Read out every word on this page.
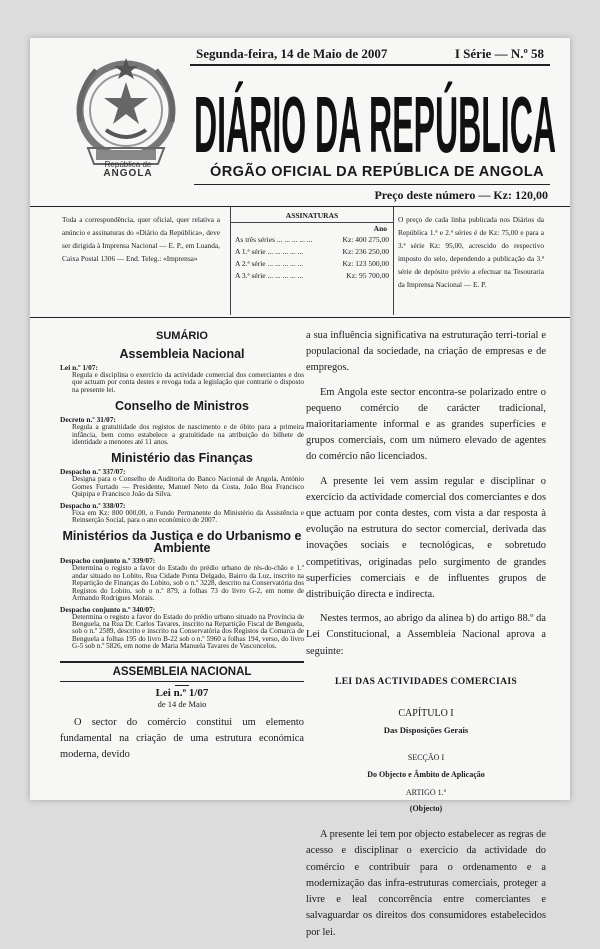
República de
ANGOLA
Segunda-feira, 14 de Maio de 2007	I Série — N.º 58
DIÁRIO DA REPÚBLICA
ÓRGÃO OFICIAL DA REPÚBLICA DE ANGOLA
Preço deste número — Kz: 120,00
Toda a correspondência, quer oficial, quer relativa a anúncio e assinaturas do «Diário da República», deve ser dirigida à Imprensa Nacional — E. P., em Luanda, Caixa Postal 1306 — End. Teleg.: «Imprensa»
ASSINATURAS
Ano
As três séries ... ... ... ... ...	Kz: 400 275,00
A 1.ª série ... ... ... ... ...	Kz: 236 250,00
A 2.ª série ... ... ... ... ...	Kz: 123 500,00
A 3.ª série ... ... ... ... ...	Kz: 95 700,00
O preço de cada linha publicada nos Diários da República 1.ª e 2.ª séries é de Kz: 75,00 e para a 3.ª série Kz: 95,00, acrescido do respectivo imposto do selo, dependendo a publicação da 3.ª série de depósito prévio a efectuar na Tesouraria da Imprensa Nacional — E. P.
SUMÁRIO
Assembleia Nacional
Lei n.º 1/07:
Regula e disciplina o exercício da actividade comercial dos comerciantes e dos que actuam por conta destes e revoga toda a legislação que contrarie o disposto na presente lei.
Conselho de Ministros
Decreto n.º 31/07:
Regula a gratuitidade dos registos de nascimento e de óbito para a primeira infância, bem como estabelece a gratuitidade na atribuição do bilhete de identidade a menores até 11 anos.
Ministério das Finanças
Despacho n.º 337/07:
Designa para o Conselho de Auditoria do Banco Nacional de Angola, António Gomes Furtado — Presidente, Manuel Neto da Costa, João Boa Francisco Quipipa e Francisco João da Silva.
Despacho n.º 338/07:
Fixa em Kz: 800 000,00, o Fundo Permanente do Ministério da Assistência e Reinserção Social, para o ano económico de 2007.
Ministérios da Justiça e do Urbanismo e Ambiente
Despacho conjunto n.º 339/07:
Determina o registo a favor do Estado do prédio urbano de rés-do-chão e 1.º andar situado no Lobito, Rua Cidade Ponta Delgado, Bairro da Luz, inscrito na Repartição de Finanças do Lobito, sob o n.º 3228, descrito na Conservatória dos Registos do Lobito, sob o n.º 879, a folhas 73 do livro G-2, em nome de Armando Rodrigues Morais.
Despacho conjunto n.º 340/07:
Determina o registo a favor do Estado do prédio urbano situado na Província de Benguela, na Rua Dr. Carlos Tavares, inscrito na Repartição Fiscal de Benguela, sob o n.º 2589, descrito e inscrito na Conservatória dos Registos da Comarca de Benguela a folhas 195 do livro B-22 sob o n.º 5960 a folhas 194, verso, do livro G-5 sob n.º 5826, em nome de Maria Manuela Tavares de Vasconcelos.
ASSEMBLEIA NACIONAL
Lei n.º 1/07
de 14 de Maio

O sector do comércio constitui um elemento fundamental na criação de uma estrutura económica moderna, devido

a sua influência significativa na estruturação terri-torial e populacional da sociedade, na criação de empresas e de empregos.

Em Angola este sector encontra-se polarizado entre o pequeno comércio de carácter tradicional, maioritariamente informal e as grandes superfícies e grupos comerciais, com um número elevado de agentes do comércio não licenciados.

A presente lei vem assim regular e disciplinar o exercício da actividade comercial dos comerciantes e dos que actuam por conta destes, com vista a dar resposta à evolução na estrutura do sector comercial, derivada das inovações sociais e tecnológicas, e sobretudo competitivas, originadas pelo surgimento de grandes superfícies comerciais e de influentes grupos de distribuição directa e indirecta.

Nestes termos, ao abrigo da alínea b) do artigo 88.º da Lei Constitucional, a Assembleia Nacional aprova a seguinte:

LEI DAS ACTIVIDADES COMERCIAIS
CAPÍTULO I
Das Disposições Gerais
SECÇÃO I
Do Objecto e Âmbito de Aplicação
ARTIGO 1.º
(Objecto)

A presente lei tem por objecto estabelecer as regras de acesso e disciplinar o exercício da actividade do comércio e contribuir para o ordenamento e a modernização das infra-estruturas comerciais, proteger a livre e leal concorrência entre comerciantes e salvaguardar os direitos dos consumidores estabelecidos por lei.
